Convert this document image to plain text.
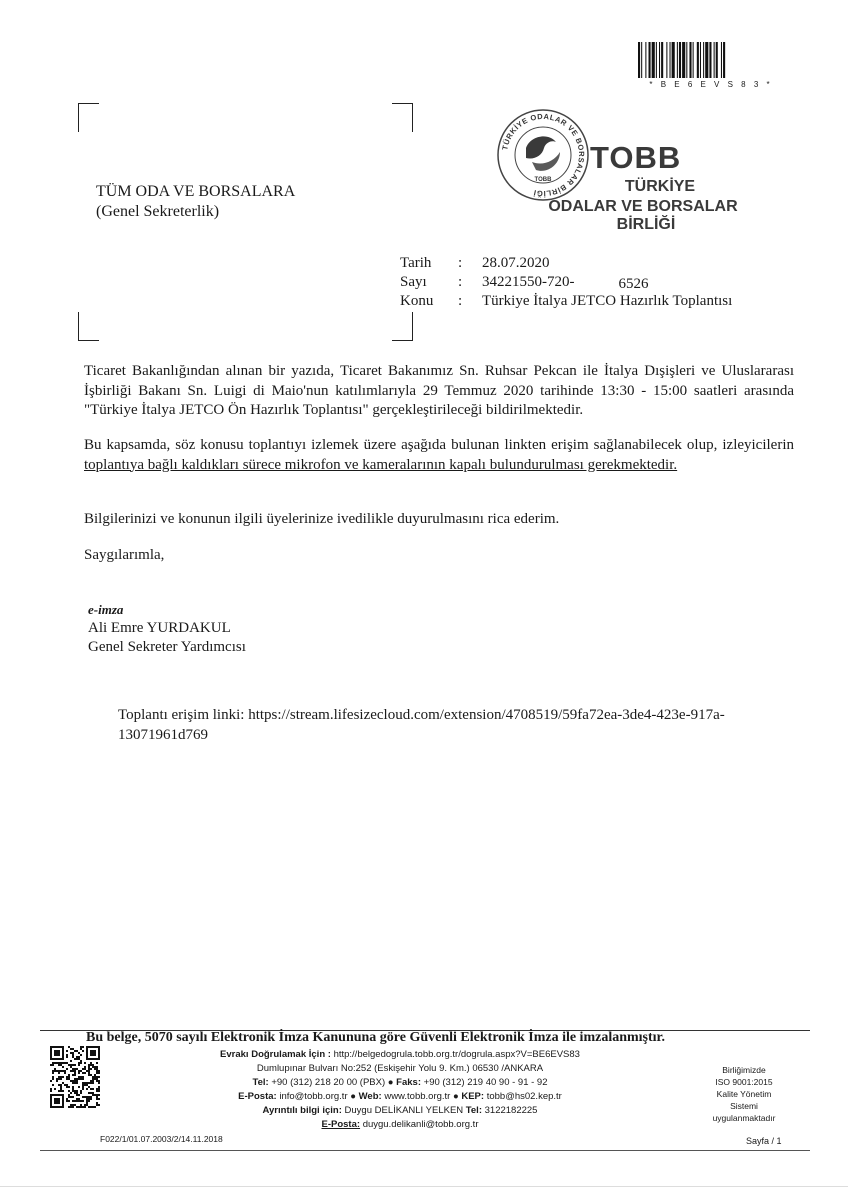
* B E 6 E V S 8 3 *
TÜRKİYE ODALAR VE BORSALAR BİRLİĞİ
TOBB
TOBB
TÜRKİYE
ODALAR VE BORSALAR
BİRLİĞİ
TÜM ODA VE BORSALARA
(Genel Sekreterlik)
Tarih	:	28.07.2020
Sayı	:	34221550-720-	6526
Konu	:	Türkiye İtalya JETCO Hazırlık Toplantısı
Ticaret Bakanlığından alınan bir yazıda, Ticaret Bakanımız Sn. Ruhsar Pekcan ile İtalya Dışişleri ve Uluslararası İşbirliği Bakanı Sn. Luigi di Maio'nun katılımlarıyla 29 Temmuz 2020 tarihinde 13:30 - 15:00 saatleri arasında "Türkiye İtalya JETCO Ön Hazırlık Toplantısı" gerçekleştirileceği bildirilmektedir.
Bu kapsamda, söz konusu toplantıyı izlemek üzere aşağıda bulunan linkten erişim sağlanabilecek olup, izleyicilerin toplantıya bağlı kaldıkları sürece mikrofon ve kameralarının kapalı bulundurulması gerekmektedir.
Bilgilerinizi ve konunun ilgili üyelerinize ivedilikle duyurulmasını rica ederim.
Saygılarımla,
e-imza
Ali Emre YURDAKUL
Genel Sekreter Yardımcısı
Toplantı erişim linki: https://stream.lifesizecloud.com/extension/4708519/59fa72ea-3de4-423e-917a-13071961d769
Bu belge, 5070 sayılı Elektronik İmza Kanununa göre Güvenli Elektronik İmza ile imzalanmıştır.
Evrakı Doğrulamak İçin : http://belgedogrula.tobb.org.tr/dogrula.aspx?V=BE6EVS83
Dumlupınar Bulvarı No:252 (Eskişehir Yolu 9. Km.) 06530 /ANKARA
Tel: +90 (312) 218 20 00 (PBX) ● Faks: +90 (312) 219 40 90 - 91 - 92
E-Posta: info@tobb.org.tr ● Web: www.tobb.org.tr ● KEP: tobb@hs02.kep.tr
Ayrıntılı bilgi için: Duygu DELİKANLI YELKEN Tel: 3122182225
E-Posta: duygu.delikanli@tobb.org.tr
Birliğimizde
ISO 9001:2015
Kalite Yönetim
Sistemi
uygulanmaktadır
F022/1/01.07.2003/2/14.11.2018	Sayfa / 1
